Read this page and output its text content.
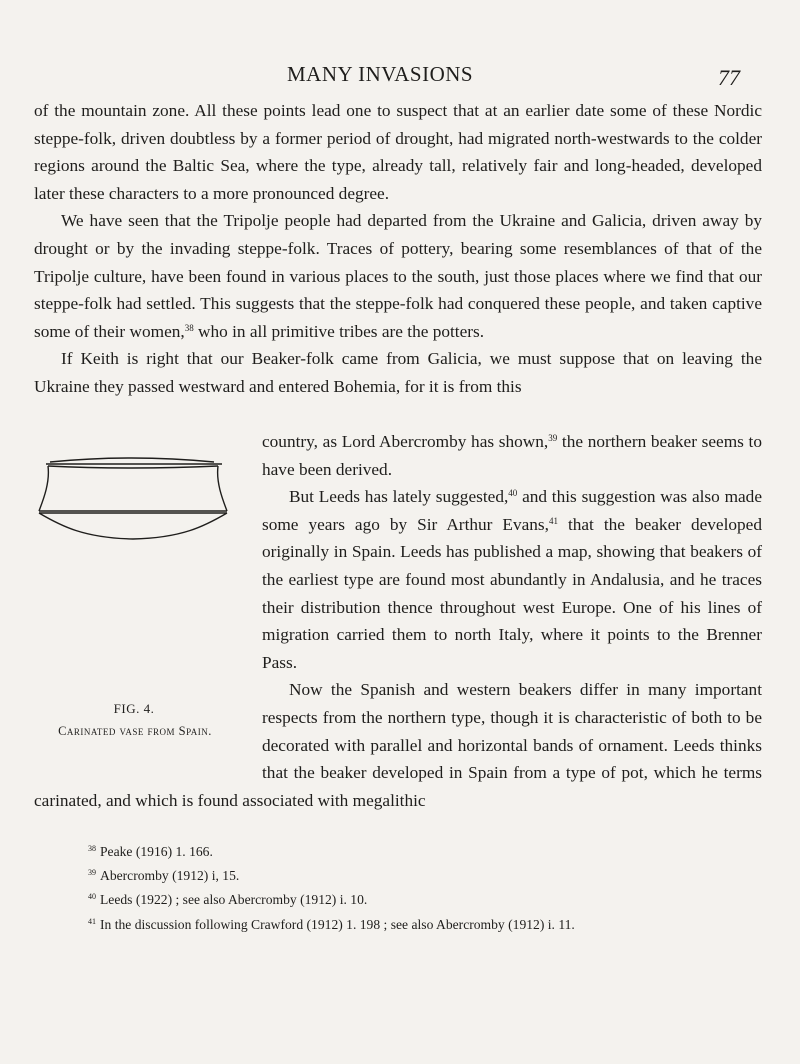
MANY INVASIONS	77

of the mountain zone. All these points lead one to suspect that at an earlier date some of these Nordic steppe-folk, driven doubtless by a former period of drought, had migrated north-westwards to the colder regions around the Baltic Sea, where the type, already tall, relatively fair and long-headed, developed later these characters to a more pronounced degree.

We have seen that the Tripolje people had departed from the Ukraine and Galicia, driven away by drought or by the invading steppe-folk. Traces of pottery, bearing some resemblances of that of the Tripolje culture, have been found in various places to the south, just those places where we find that our steppe-folk had settled. This suggests that the steppe-folk had conquered these people, and taken captive some of their women,$^{38}$ who in all primitive tribes are the potters.

If Keith is right that our Beaker-folk came from Galicia, we must suppose that on leaving the Ukraine they passed westward and entered Bohemia, for it is from this

FIG. 4.
Carinated vase from Spain.

country, as Lord Abercromby has shown,$^{39}$ the northern beaker seems to have been derived.

But Leeds has lately suggested,$^{40}$ and this suggestion was also made some years ago by Sir Arthur Evans,$^{41}$ that the beaker developed originally in Spain. Leeds has published a map, showing that beakers of the earliest type are found most abundantly in Andalusia, and he traces their distribution thence throughout west Europe. One of his lines of migration carried them to north Italy, where it points to the Brenner Pass.

Now the Spanish and western beakers differ in many important respects from the northern type, though it is characteristic of both to be decorated with parallel and horizontal bands of ornament. Leeds thinks that the beaker developed in Spain from a type of pot, which he terms carinated, and which is found associated with megalithic

$^{38}$ Peake (1916) 1. 166.
$^{39}$ Abercromby (1912) i, 15.
$^{40}$ Leeds (1922) ; see also Abercromby (1912) i. 10.
$^{41}$ In the discussion following Crawford (1912) 1. 198 ; see also Abercromby (1912) i. 11.
